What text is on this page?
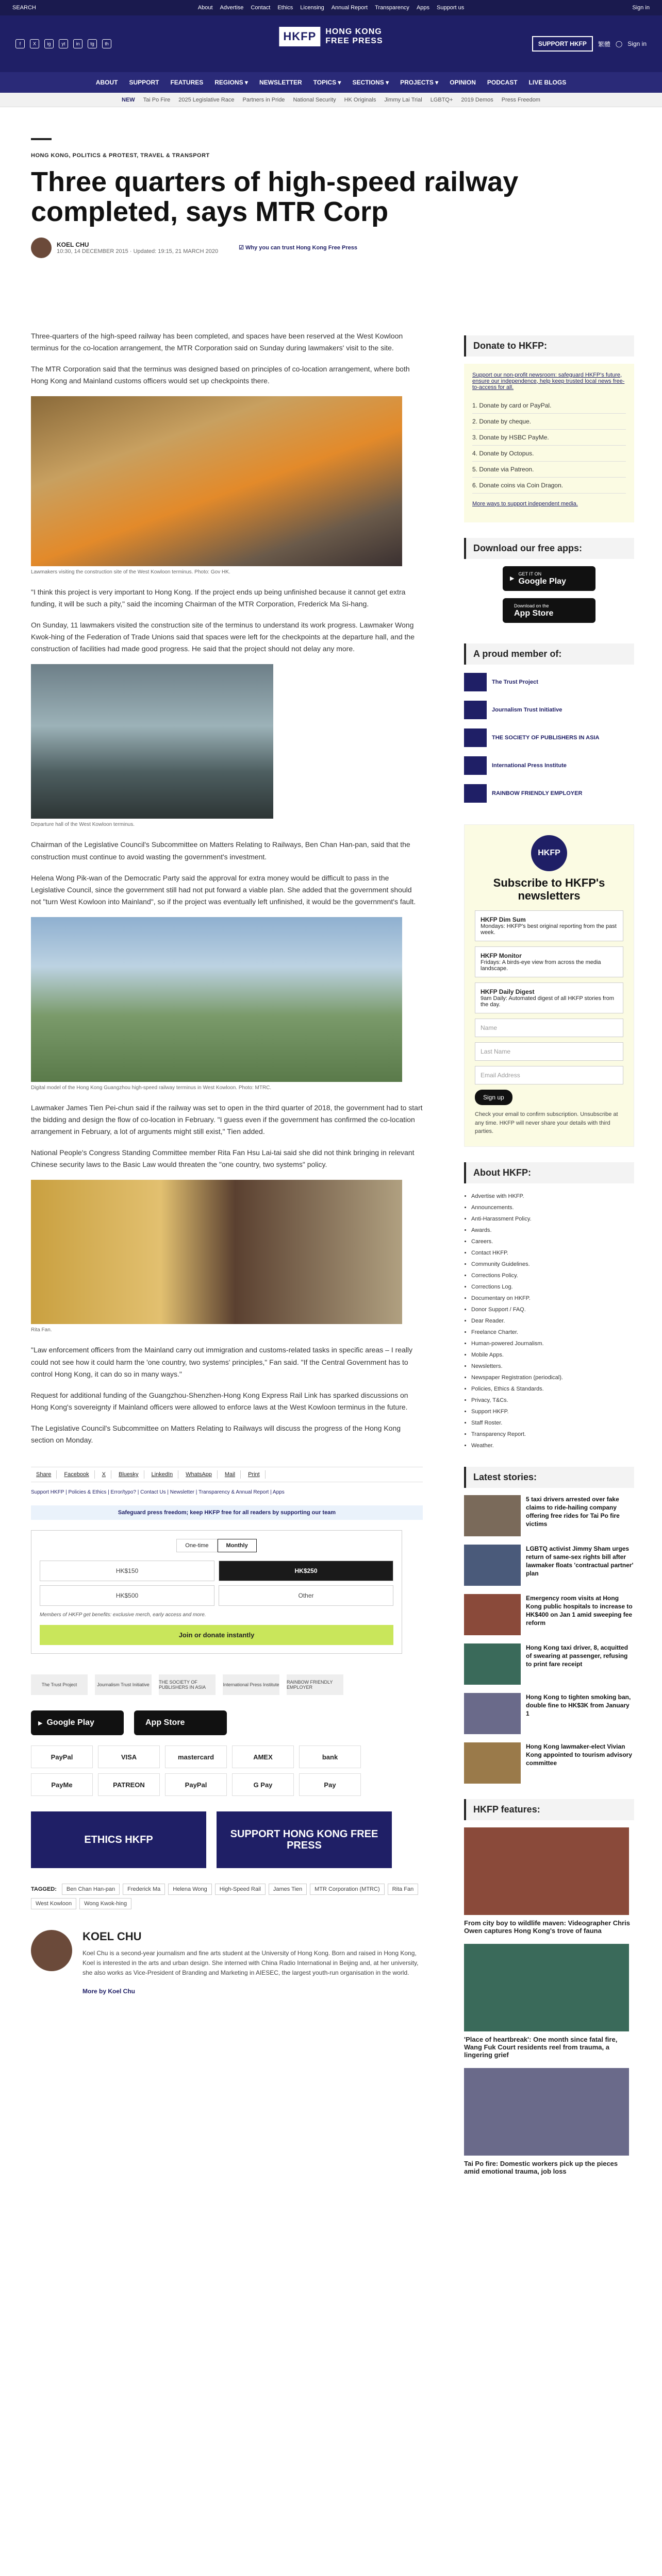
SEARCH	About Advertise Contact Ethics Licensing Annual Report Transparency Apps Support us	Sign in
f	X	ig	yt	in	tg	th
HKFP	HONG KONG
FREE PRESS	SUPPORT HKFP	繁體 ◯ Sign in
ABOUT SUPPORT FEATURES REGIONS ▾ NEWSLETTER TOPICS ▾ SECTIONS ▾ PROJECTS ▾ OPINION PODCAST LIVE BLOGS
NEW Tai Po Fire 2025 Legislative Race Partners in Pride National Security HK Originals Jimmy Lai Trial LGBTQ+ 2019 Demos Press Freedom
HONG KONG, POLITICS & PROTEST, TRAVEL & TRANSPORT
Three quarters of high-speed railway completed, says MTR Corp
KOEL CHU
10:30, 14 DECEMBER 2015 · Updated: 19:15, 21 MARCH 2020
☑ Why you can trust Hong Kong Free Press

Three-quarters of the high-speed railway has been completed, and spaces have been reserved at the West Kowloon terminus for the co-location arrangement, the MTR Corporation said on Sunday during lawmakers' visit to the site.

The MTR Corporation said that the terminus was designed based on principles of co-location arrangement, where both Hong Kong and Mainland customs officers would set up checkpoints there.

Lawmakers visiting the construction site of the West Kowloon terminus. Photo: Gov HK.

"I think this project is very important to Hong Kong. If the project ends up being unfinished because it cannot get extra funding, it will be such a pity," said the incoming Chairman of the MTR Corporation, Frederick Ma Si-hang.

On Sunday, 11 lawmakers visited the construction site of the terminus to understand its work progress. Lawmaker Wong Kwok-hing of the Federation of Trade Unions said that spaces were left for the checkpoints at the departure hall, and the construction of facilities had made good progress. He said that the project should not delay any more.

Departure hall of the West Kowloon terminus.

Chairman of the Legislative Council's Subcommittee on Matters Relating to Railways, Ben Chan Han-pan, said that the construction must continue to avoid wasting the government's investment.

Helena Wong Pik-wan of the Democratic Party said the approval for extra money would be difficult to pass in the Legislative Council, since the government still had not put forward a viable plan. She added that the government should not "turn West Kowloon into Mainland", so if the project was eventually left unfinished, it would be the government's fault.

Digital model of the Hong Kong Guangzhou high-speed railway terminus in West Kowloon. Photo: MTRC.

Lawmaker James Tien Pei-chun said if the railway was set to open in the third quarter of 2018, the government had to start the bidding and design the flow of co-location in February. "I guess even if the government has confirmed the co-location arrangement in February, a lot of arguments might still exist," Tien added.

National People's Congress Standing Committee member Rita Fan Hsu Lai-tai said she did not think bringing in relevant Chinese security laws to the Basic Law would threaten the "one country, two systems" policy.

Rita Fan.

"Law enforcement officers from the Mainland carry out immigration and customs-related tasks in specific areas – I really could not see how it could harm the 'one country, two systems' principles," Fan said. "If the Central Government has to control Hong Kong, it can do so in many ways."

Request for additional funding of the Guangzhou-Shenzhen-Hong Kong Express Rail Link has sparked discussions on Hong Kong's sovereignty if Mainland officers were allowed to enforce laws at the West Kowloon terminus in the future.

The Legislative Council's Subcommittee on Matters Relating to Railways will discuss the progress of the Hong Kong section on Monday.

Share	Facebook	X	Bluesky	LinkedIn	WhatsApp	Mail	Print
Support HKFP | Policies & Ethics | Error/typo? | Contact Us | Newsletter | Transparency & Annual Report | Apps
Safeguard press freedom; keep HKFP free for all readers by supporting our team
One-time	Monthly
HK$150	HK$250
HK$500	Other
Members of HKFP get benefits: exclusive merch, early access and more.
Join or donate instantly
The Trust Project	Journalism Trust Initiative	THE SOCIETY OF PUBLISHERS IN ASIA	International Press Institute RAINBOW FRIENDLY EMPLOYER
▶ Google Play	App Store
PayPal	VISA	mastercard	AMEX	bank
PayMe	PATREON	PayPal	G Pay	Pay
ETHICS HKFP	SUPPORT HONG KONG FREE PRESS
TAGGED:	Ben Chan Han-pan	Frederick Ma	Helena Wong	High-Speed Rail	James Tien	MTR Corporation (MTRC)	Rita Fan
West Kowloon	Wong Kwok-hing
KOEL CHU

Koel Chu is a second-year journalism and fine arts student at the University of Hong Kong. Born and raised in Hong Kong, Koel is interested in the arts and urban design. She interned with China Radio International in Beijing and, at her university, she also works as Vice-President of Branding and Marketing in AIESEC, the largest youth-run organisation in the world.

More by Koel Chu
Donate to HKFP:
Support our non-profit newsroom: safeguard HKFP's future, ensure our independence, help keep trusted local news free-to-access for all.
1. Donate by card or PayPal.
2. Donate by cheque.
3. Donate by HSBC PayMe.
4. Donate by Octopus.
5. Donate via Patreon.
6. Donate coins via Coin Dragon.
More ways to support independent media.
Download our free apps:
▶
GET IT ON
Google Play
Download on the
App Store
A proud member of:
The Trust Project
Journalism Trust Initiative
THE SOCIETY OF PUBLISHERS IN ASIA
International Press Institute
RAINBOW FRIENDLY EMPLOYER
HKFP
Subscribe to HKFP's newsletters
HKFP Dim Sum
Mondays: HKFP's best original reporting from the past week.
HKFP Monitor
Fridays: A birds-eye view from across the media landscape.
HKFP Daily Digest
9am Daily: Automated digest of all HKFP stories from the day.
Name
Last Name
Email Address
Sign up
Check your email to confirm subscription. Unsubscribe at any time. HKFP will never share your details with third parties.
About HKFP:
• Advertise with HKFP.
• Announcements.
• Anti-Harassment Policy.
• Awards.
• Careers.
• Contact HKFP.
• Community Guidelines.
• Corrections Policy.
• Corrections Log.
• Documentary on HKFP.
• Donor Support / FAQ.
• Dear Reader.
• Freelance Charter.
• Human-powered Journalism.
• Mobile Apps.
• Newsletters.
• Newspaper Registration (periodical).
• Policies, Ethics & Standards.
• Privacy, T&Cs.
• Support HKFP.
• Staff Roster.
• Transparency Report.
• Weather.
Latest stories:
5 taxi drivers arrested over fake claims to ride-hailing company offering free rides for Tai Po fire victims
LGBTQ activist Jimmy Sham urges return of same-sex rights bill after lawmaker floats 'contractual partner' plan
Emergency room visits at Hong Kong public hospitals to increase to HK$400 on Jan 1 amid sweeping fee reform
Hong Kong taxi driver, 8, acquitted of swearing at passenger, refusing to print fare receipt
Hong Kong to tighten smoking ban, double fine to HK$3K from January 1
Hong Kong lawmaker-elect Vivian Kong appointed to tourism advisory committee
HKFP features:
From city boy to wildlife maven: Videographer Chris Owen captures Hong Kong's trove of fauna
'Place of heartbreak': One month since fatal fire, Wang Fuk Court residents reel from trauma, a lingering grief
Tai Po fire: Domestic workers pick up the pieces amid emotional trauma, job loss
